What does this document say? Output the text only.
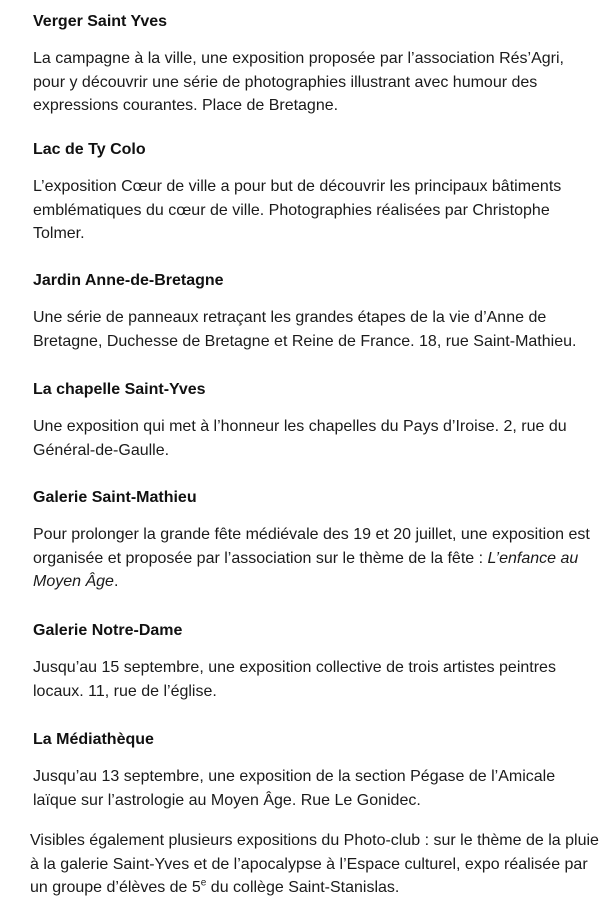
Verger Saint Yves

La campagne à la ville, une exposition proposée par l’association Rés’Agri, pour y découvrir une série de photographies illustrant avec humour des expressions courantes. Place de Bretagne.

Lac de Ty Colo

L’exposition Cœur de ville a pour but de découvrir les principaux bâtiments emblématiques du cœur de ville. Photographies réalisées par Christophe Tolmer.

Jardin Anne-de-Bretagne

Une série de panneaux retraçant les grandes étapes de la vie d’Anne de Bretagne, Duchesse de Bretagne et Reine de France. 18, rue Saint-Mathieu.

La chapelle Saint-Yves

Une exposition qui met à l’honneur les chapelles du Pays d’Iroise. 2, rue du Général-de-Gaulle.

Galerie Saint-Mathieu

Pour prolonger la grande fête médiévale des 19 et 20 juillet, une exposition est organisée et proposée par l’association sur le thème de la fête : L’enfance au Moyen Âge.

Galerie Notre-Dame

Jusqu’au 15 septembre, une exposition collective de trois artistes peintres locaux. 11, rue de l’église.

La Médiathèque

Jusqu’au 13 septembre, une exposition de la section Pégase de l’Amicale laïque sur l’astrologie au Moyen Âge. Rue Le Gonidec.

Visibles également plusieurs expositions du Photo-club : sur le thème de la pluie à la galerie Saint-Yves et de l’apocalypse à l’Espace culturel, expo réalisée par un groupe d’élèves de 5e du collège Saint-Stanislas.
